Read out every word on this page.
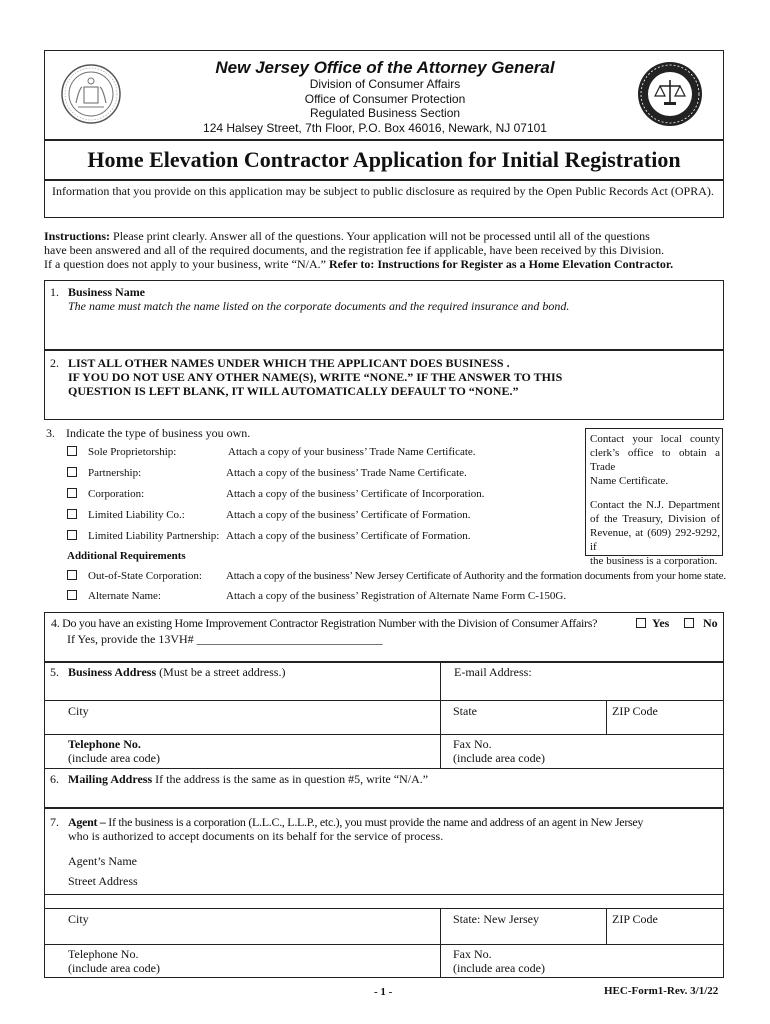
New Jersey Office of the Attorney General
Division of Consumer Affairs
Office of Consumer Protection
Regulated Business Section
124 Halsey Street, 7th Floor, P.O. Box 46016, Newark, NJ 07101
Home Elevation Contractor Application for Initial Registration
Information that you provide on this application may be subject to public disclosure as required by the Open Public Records Act (OPRA).
Instructions: Please print clearly. Answer all of the questions. Your application will not be processed until all of the questions
have been answered and all of the required documents, and the registration fee if applicable, have been received by this Division.
If a question does not apply to your business, write “N/A.” Refer to: Instructions for Register as a Home Elevation Contractor.
1. Business Name
The name must match the name listed on the corporate documents and the required insurance and bond.
2. LIST ALL OTHER NAMES UNDER WHICH THE APPLICANT DOES BUSINESS .
IF YOU DO NOT USE ANY OTHER NAME(S), WRITE “NONE.” IF THE ANSWER TO THIS
QUESTION IS LEFT BLANK, IT WILL AUTOMATICALLY DEFAULT TO “NONE.”
3. Indicate the type of business you own.
Sole Proprietorship:	Attach a copy of your business’ Trade Name Certificate.
Partnership:	Attach a copy of the business’ Trade Name Certificate.
Corporation:	Attach a copy of the business’ Certificate of Incorporation.
Limited Liability Co.:	Attach a copy of the business’ Certificate of Formation.
Limited Liability Partnership: Attach a copy of the business’ Certificate of Formation.
Additional Requirements
Out-of-State Corporation: Attach a copy of the business’ New Jersey Certificate of Authority and the formation documents from your home state.
Alternate Name:	Attach a copy of the business’ Registration of Alternate Name Form C-150G.
Contact your local county
clerk’s office to obtain a Trade
Name Certificate.
Contact the N.J. Department
of the Treasury, Division of
Revenue, at (609) 292-9292, if
the business is a corporation.
4. Do you have an existing Home Improvement Contractor Registration Number with the Division of Consumer Affairs?	Yes	No
If Yes, provide the 13VH# _______________________________
5. Business Address (Must be a street address.)	E-mail Address:
City	State	ZIP Code
Telephone No.
(include area code)
Fax No.
(include area code)
6. Mailing Address If the address is the same as in question #5, write “N/A.”
7. Agent – If the business is a corporation (L.L.C., L.L.P., etc.), you must provide the name and address of an agent in New Jersey
who is authorized to accept documents on its behalf for the service of process.
Agent’s Name
Street Address
City	State: New Jersey	ZIP Code
Telephone No.
(include area code)
Fax No.
(include area code)
- 1 -	HEC-Form1-Rev. 3/1/22
